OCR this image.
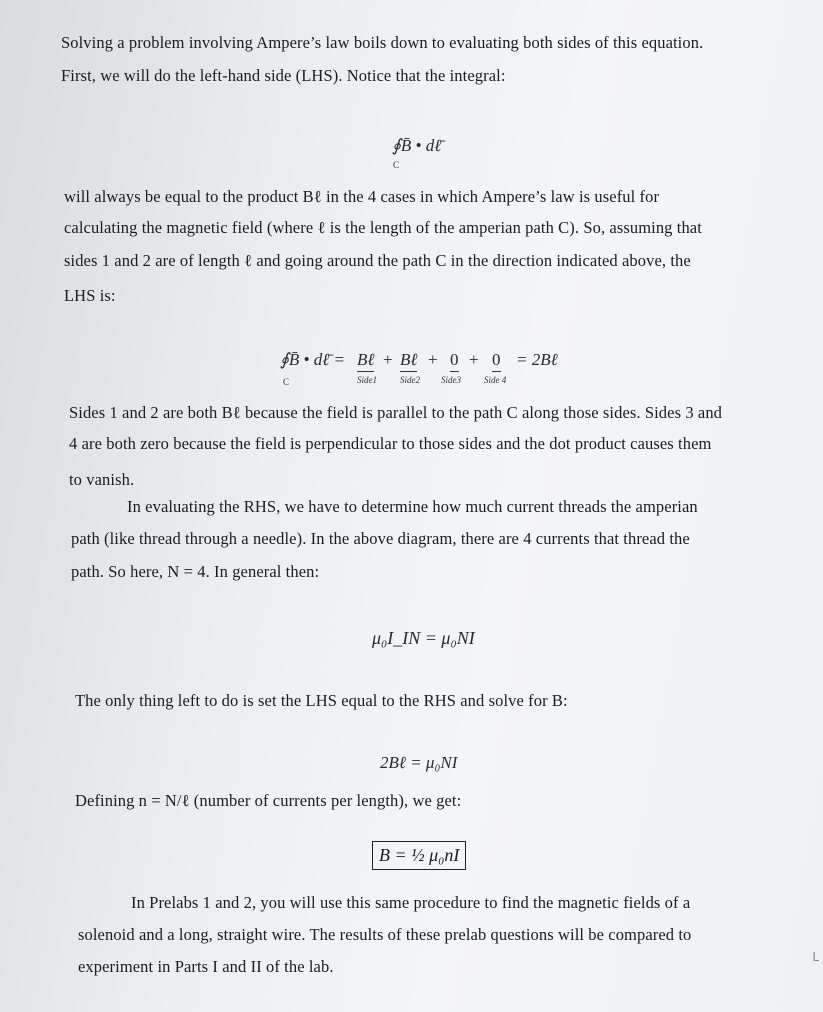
Solving a problem involving Ampere’s law boils down to evaluating both sides of this equation.
First, we will do the left-hand side (LHS). Notice that the integral:
∮B̄ • dℓ̄
C
will always be equal to the product Bℓ in the 4 cases in which Ampere’s law is useful for
calculating the magnetic field (where ℓ is the length of the amperian path C). So, assuming that
sides 1 and 2 are of length ℓ and going around the path C in the direction indicated above, the
LHS is:
∮B̄ • dℓ̄ = Bℓ + Bℓ + 0 + 0 = 2Bℓ
C	Side1	Side2 Side3	Side 4
Sides 1 and 2 are both Bℓ because the field is parallel to the path C along those sides. Sides 3 and
4 are both zero because the field is perpendicular to those sides and the dot product causes them
to vanish.
In evaluating the RHS, we have to determine how much current threads the amperian
path (like thread through a needle). In the above diagram, there are 4 currents that thread the
path. So here, N = 4. In general then:
μ₀I_IN = μ₀NI
The only thing left to do is set the LHS equal to the RHS and solve for B:
2Bℓ = μ₀NI
Defining n = N/ℓ (number of currents per length), we get:
B = ½ μ₀nI
In Prelabs 1 and 2, you will use this same procedure to find the magnetic fields of a
solenoid and a long, straight wire. The results of these prelab questions will be compared to
experiment in Parts I and II of the lab.	L
